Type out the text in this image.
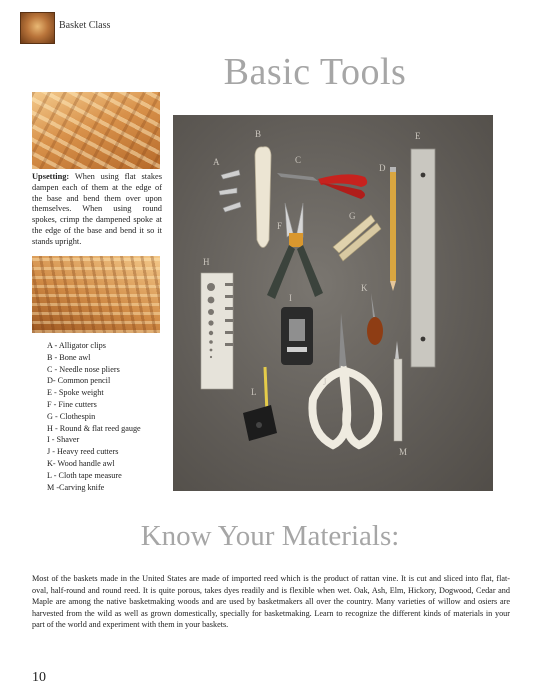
Basket Class
Basic Tools
Upsetting: When using flat stakes dampen each of them at the edge of the base and bend them over upon themselves. When using round spokes, crimp the dampened spoke at the edge of the base and bend it so it stands upright.
A - Alligator clips
B - Bone awl
C - Needle nose pliers
D- Common pencil
E - Spoke weight
F - Fine cutters
G - Clothespin
H - Round & flat reed gauge
I - Shaver
J - Heavy reed cutters
K- Wood handle awl
L - Cloth tape measure
M -Carving knife
A
B
C
D
E
F
G
H
I
J
K
L
M
Know Your Materials:
Most of the baskets made in the United States are made of imported reed which is the product of rattan vine. It is cut and sliced into flat, flat-oval, half-round and round reed. It is quite porous, takes dyes readily and is flexible when wet. Oak, Ash, Elm, Hickory, Dogwood, Cedar and Maple are among the native basketmaking woods and are used by basketmakers all over the country. Many varieties of willow and osiers are harvested from the wild as well as grown domestically, specially for basketmaking. Learn to recognize the different kinds of materials in your part of the world and experiment with them in your baskets.
10
